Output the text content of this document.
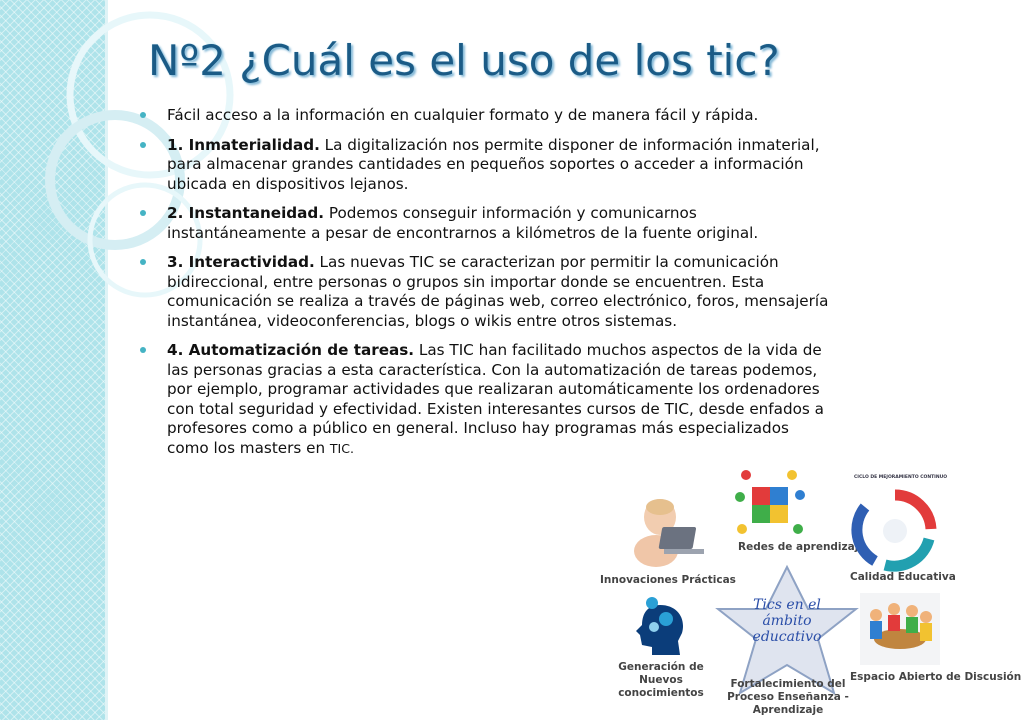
Nº2 ¿Cuál es el uso de los tic?
Fácil acceso a la información en cualquier formato y de manera fácil y rápida.
1. Inmaterialidad. La digitalización nos permite disponer de información inmaterial, para almacenar grandes cantidades en pequeños soportes o acceder a información ubicada en dispositivos lejanos.
2. Instantaneidad. Podemos conseguir información y comunicarnos instantáneamente a pesar de encontrarnos a kilómetros de la fuente original.
3. Interactividad. Las nuevas TIC se caracterizan por permitir la comunicación bidireccional, entre personas o grupos sin importar donde se encuentren. Esta comunicación se realiza a través de páginas web, correo electrónico, foros, mensajería instantánea, videoconferencias, blogs o wikis entre otros sistemas.
4. Automatización de tareas. Las TIC han facilitado muchos aspectos de la vida de las personas gracias a esta característica. Con la automatización de tareas podemos, por ejemplo, programar actividades que realizaran automáticamente los ordenadores con total seguridad y efectividad. Existen interesantes cursos de TIC, desde enfados a profesores como a público en general. Incluso hay programas más especializados como los masters en TIC.
Innovaciones Prácticas
Redes de aprendizaje
CICLO DE MEJORAMIENTO CONTINUO
Calidad Educativa
Generación de Nuevos conocimientos
Tics en el ámbito educativo
Fortalecimiento del Proceso Enseñanza -Aprendizaje
Espacio Abierto de Discusión
